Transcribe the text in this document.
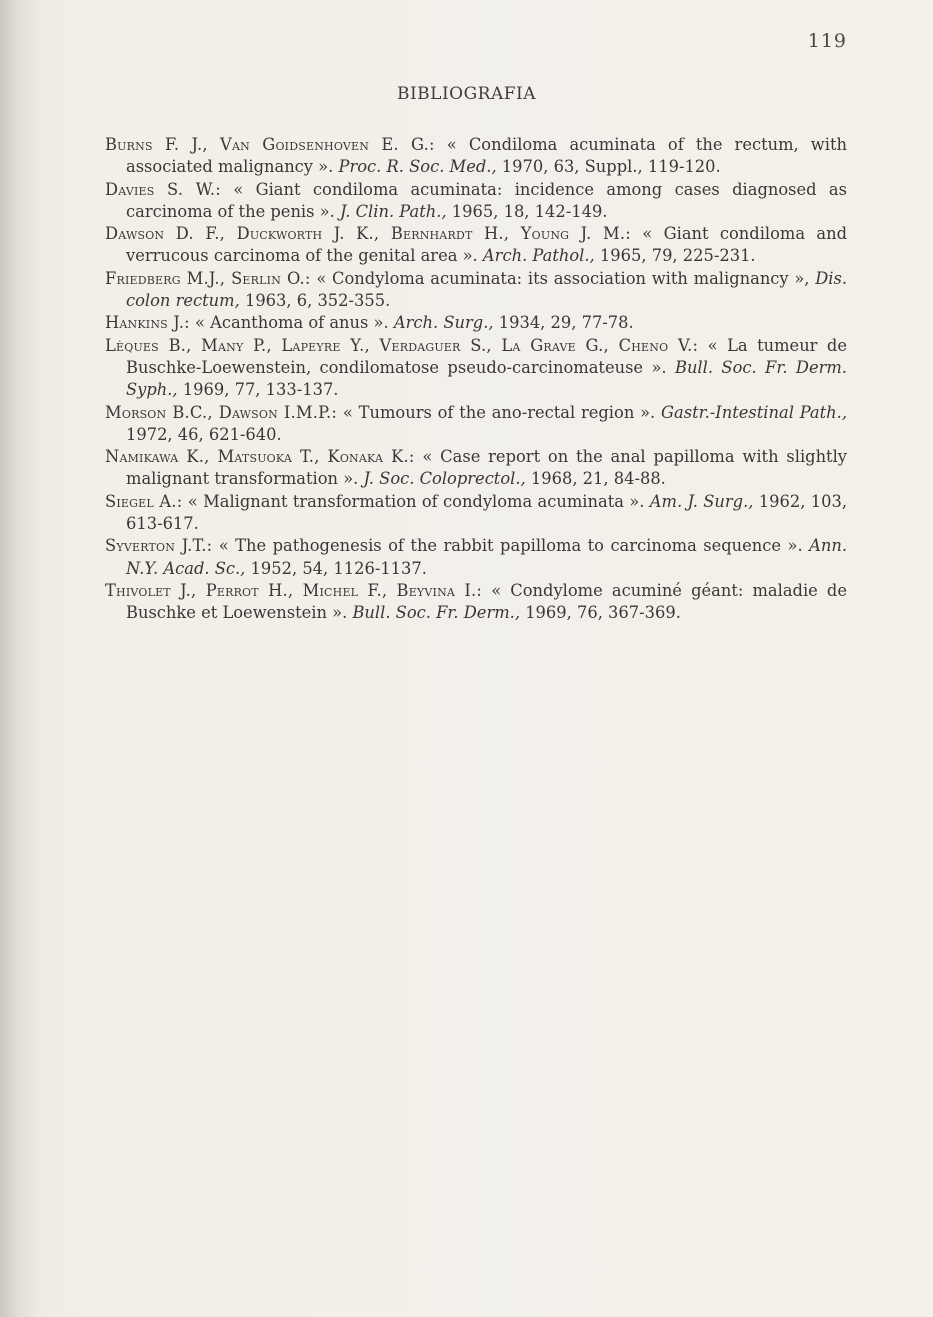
119
BIBLIOGRAFIA

Burns F. J., Van Goidsenhoven E. G.: « Condiloma acuminata of the rectum, with associated malignancy ». Proc. R. Soc. Med., 1970, 63, Suppl., 119-120.

Davies S. W.: « Giant condiloma acuminata: incidence among cases diagnosed as carcinoma of the penis ». J. Clin. Path., 1965, 18, 142-149.

Dawson D. F., Duckworth J. K., Bernhardt H., Young J. M.: « Giant condiloma and verrucous carcinoma of the genital area ». Arch. Pathol., 1965, 79, 225-231.

Friedberg M.J., Serlin O.: « Condyloma acuminata: its association with malignancy », Dis. colon rectum, 1963, 6, 352-355.

Hankins J.: « Acanthoma of anus ». Arch. Surg., 1934, 29, 77-78.

Lèques B., Many P., Lapeyre Y., Verdaguer S., La Grave G., Cheno V.: « La tumeur de Buschke-Loewenstein, condilomatose pseudo-carcinomateuse ». Bull. Soc. Fr. Derm. Syph., 1969, 77, 133-137.

Morson B.C., Dawson I.M.P.: « Tumours of the ano-rectal region ». Gastr.-Intestinal Path., 1972, 46, 621-640.

Namikawa K., Matsuoka T., Konaka K.: « Case report on the anal papilloma with slightly malignant transformation ». J. Soc. Coloprectol., 1968, 21, 84-88.

Siegel A.: « Malignant transformation of condyloma acuminata ». Am. J. Surg., 1962, 103, 613-617.

Syverton J.T.: « The pathogenesis of the rabbit papilloma to carcinoma sequence ». Ann. N.Y. Acad. Sc., 1952, 54, 1126-1137.

Thivolet J., Perrot H., Michel F., Beyvina I.: « Condylome acuminé géant: maladie de Buschke et Loewenstein ». Bull. Soc. Fr. Derm., 1969, 76, 367-369.
